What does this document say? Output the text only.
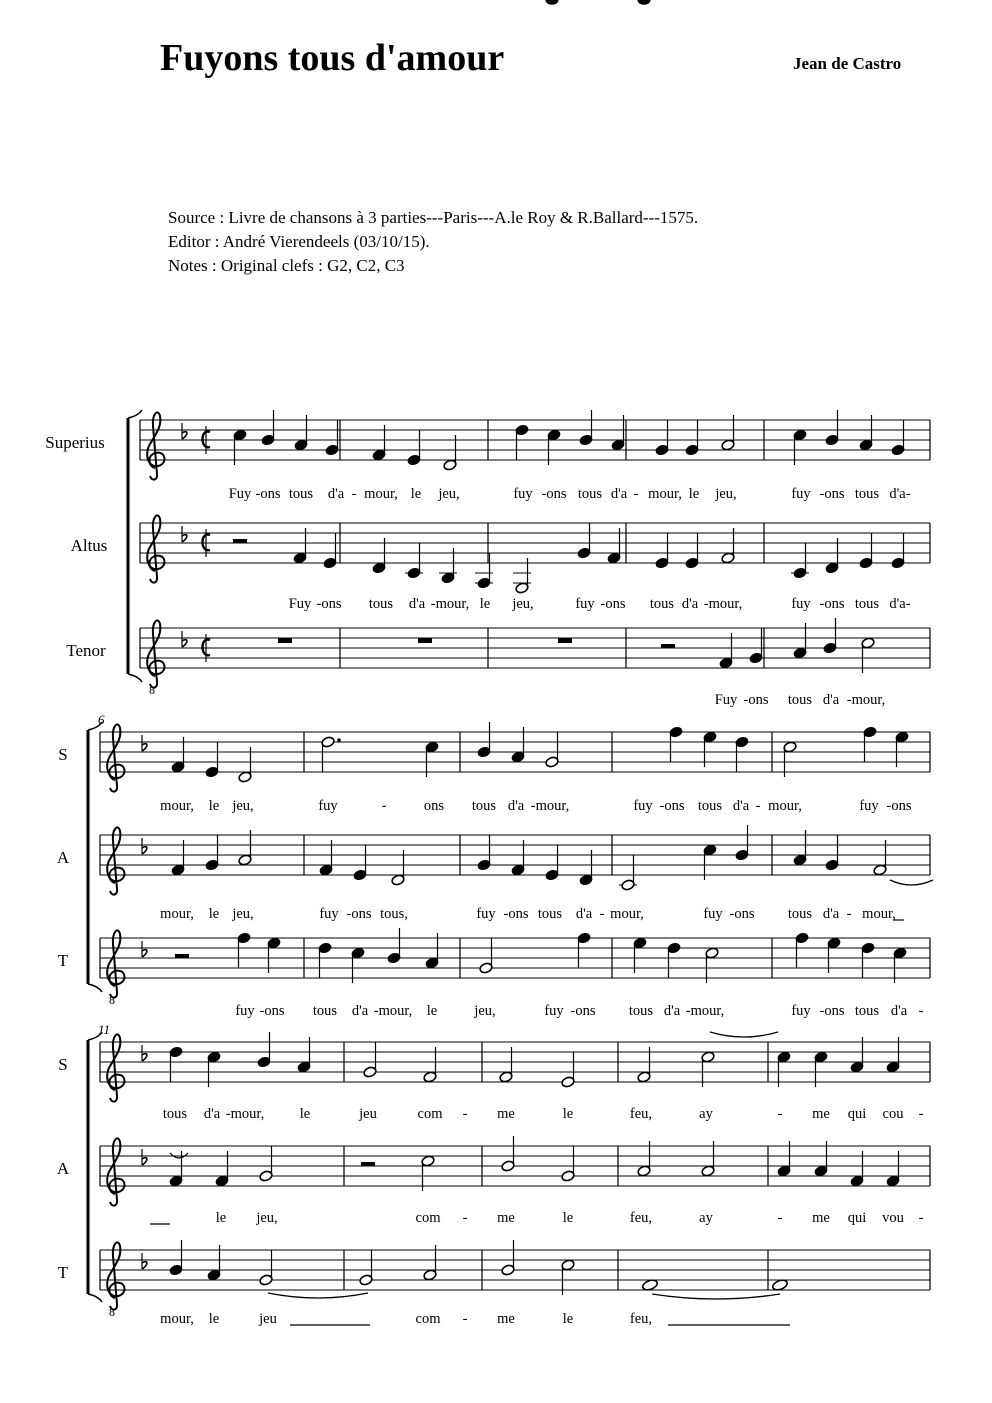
Fuyons tous d'amour	Jean de Castro
Source : Livre de chansons à 3 parties---Paris---A.le Roy & R.Ballard---1575.
Editor : André Vierendeels (03/10/15).
Notes : Original clefs : G2, C2, C3
Superius
Altus
8
Tenor
6
S
A
8
T
11
S
A
8
T
Fuy -ons tous d'a - mour, le jeu,	fuy -ons tous d'a - mour, le jeu,	fuy -ons tous d'a-
Fuy -ons tous d'a -mour, le jeu,	fuy -ons tous d'a -mour,	fuy -ons tous d'a-
Fuy -ons tous d'a -mour,
mour, le jeu,	fuy	-	ons tous d'a -mour,	fuy -ons tous d'a - mour,	fuy -ons
mour, le jeu,	fuy -ons tous,	fuy -ons tous d'a - mour,	fuy -ons tous d'a - mour,
fuy -ons tous d'a -mour, le	jeu,	fuy -ons tous d'a -mour,	fuy -ons tous d'a -
tous d'a -mour, le	jeu	com - me	le	feu,	ay	- me qui cou -
le jeu,	com - me	le	feu,	ay	- me qui vou -
mour, le	jeu	com - me	le	feu,
